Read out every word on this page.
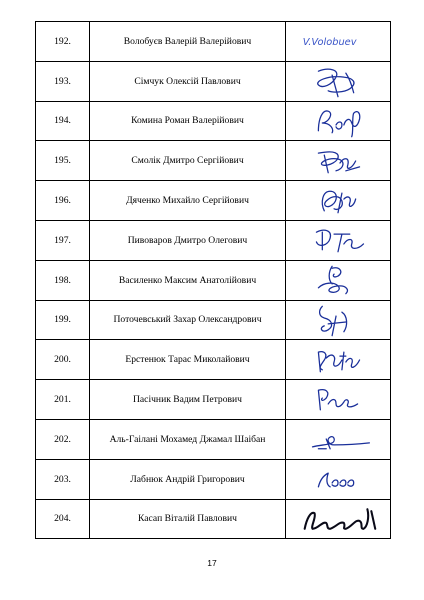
192.	Волобуєв Валерій Валерійович	V.Volobuev

193.	Сімчук Олексій Павлович	

194.	Комина Роман Валерійович	

195.	Смолік Дмитро Сергійович	

196.	Дяченко Михайло Сергійович	

197.	Пивоваров Дмитро Олегович	

198.	Василенко Максим Анатолійович	

199.	Поточевський Захар Олександрович	

200.	Ерстенюк Тарас Миколайович	

201.	Пасічник Вадим Петрович	

202.	Аль-Гаілані Мохамед Джамал Шаібан	

203.	Лабнюк Андрій Григорович	

204.	Касап Віталій Павлович	
17
